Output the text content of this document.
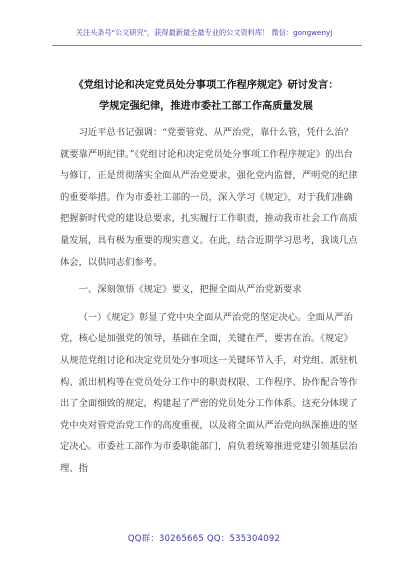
关注头条号"公文研究"，获得最新最全最专业的公文资料库！ 微信：gongwenyj
《党组讨论和决定党员处分事项工作程序规定》研讨发言：
学规定强纪律，推进市委社工部工作高质量发展

习近平总书记强调：“党要管党、从严治党，靠什么管，凭什么治？就要靠严明纪律。”《党组讨论和决定党员处分事项工作程序规定》的出台与修订，正是贯彻落实全面从严治党要求，强化党内监督，严明党的纪律的重要举措。作为市委社工部的一员，深入学习《规定》，对于我们准确把握新时代党的建设总要求，扎实履行工作职责，推动我市社会工作高质量发展，具有极为重要的现实意义。在此，结合近期学习思考，我谈几点体会，以供同志们参考。

一、深刻领悟《规定》要义，把握全面从严治党新要求

（一）《规定》彰显了党中央全面从严治党的坚定决心。全面从严治党，核心是加强党的领导，基础在全面，关键在严，要害在治。《规定》从规范党组讨论和决定党员处分事项这一关键环节入手，对党组、派驻机构、派出机构等在党员处分工作中的职责权限、工作程序、协作配合等作出了全面细致的规定，构建起了严密的党员处分工作体系。这充分体现了党中央对管党治党工作的高度重视，以及将全面从严治党向纵深推进的坚定决心。市委社工部作为市委职能部门，肩负着统筹推进党建引领基层治理、指

QQ群：30265665 QQ：535304092
